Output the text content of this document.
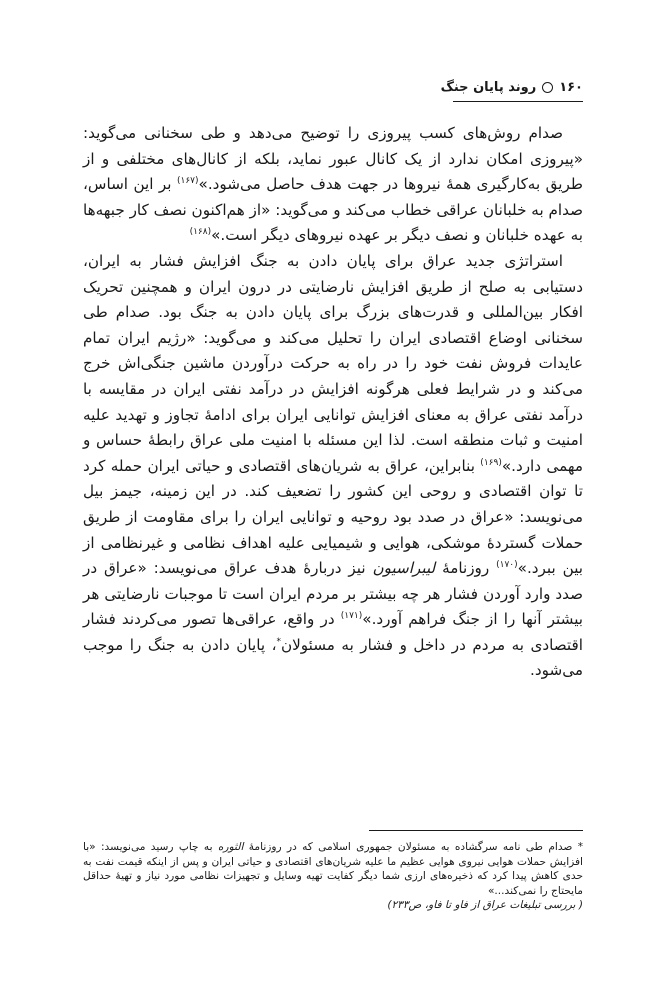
۱۶۰
روند پایان جنگ

صدام روش‌های کسب پیروزی را توضیح می‌دهد و طی سخنانی می‌گوید: «پیروزی امکان ندارد از یک کانال عبور نماید، بلکه از کانال‌های مختلفی و از طریق به‌کارگیری همهٔ نیروها در جهت هدف حاصل می‌شود.»$^{(۱۶۷)}$ بر این اساس، صدام به خلبانان عراقی خطاب می‌کند و می‌گوید: «از هم‌اکنون نصف کار جبهه‌ها به عهده خلبانان و نصف دیگر بر عهده نیروهای دیگر است.»$^{(۱۶۸)}$

استراتژی جدید عراق برای پایان دادن به جنگ افزایش فشار به ایران، دستیابی به صلح از طریق افزایش نارضایتی در درون ایران و همچنین تحریک افکار بین‌المللی و قدرت‌های بزرگ برای پایان دادن به جنگ بود. صدام طی سخنانی اوضاع اقتصادی ایران را تحلیل می‌کند و می‌گوید: «رژیم ایران تمام عایدات فروش نفت خود را در راه به حرکت درآوردن ماشین جنگی‌اش خرج می‌کند و در شرایط فعلی هرگونه افزایش در درآمد نفتی ایران در مقایسه با درآمد نفتی عراق به معنای افزایش توانایی ایران برای ادامهٔ تجاوز و تهدید علیه امنیت و ثبات منطقه است. لذا این مسئله با امنیت ملی عراق رابطهٔ حساس و مهمی دارد.»$^{(۱۶۹)}$ بنابراین، عراق به شریان‌های اقتصادی و حیاتی ایران حمله کرد تا توان اقتصادی و روحی این کشور را تضعیف کند. در این زمینه، جیمز بیل می‌نویسد: «عراق در صدد بود روحیه و توانایی ایران را برای مقاومت از طریق حملات گستردهٔ موشکی، هوایی و شیمیایی علیه اهداف نظامی و غیرنظامی از بین ببرد.»$^{(۱۷۰)}$ روزنامهٔ لیبراسیون نیز دربارهٔ هدف عراق می‌نویسد: «عراق در صدد وارد آوردن فشار هر چه بیشتر بر مردم ایران است تا موجبات نارضایتی هر بیشتر آنها را از جنگ فراهم آورد.»$^{(۱۷۱)}$ در واقع، عراقی‌ها تصور می‌کردند فشار اقتصادی به مردم در داخل و فشار به مسئولان*، پایان دادن به جنگ را موجب می‌شود.

* صدام طی نامه سرگشاده به مسئولان جمهوری اسلامی که در روزنامهٔ الثوره به چاپ رسید می‌نویسد: «با افزایش حملات هوایی نیروی هوایی عظیم ما علیه شریان‌های اقتصادی و حیاتی ایران و پس از اینکه قیمت نفت به حدی کاهش پیدا کرد که ذخیره‌های ارزی شما دیگر کفایت تهیه وسایل و تجهیزات نظامی مورد نیاز و تهیهٔ حداقل مایحتاج را نمی‌کند...»

( بررسی تبلیغات عراق از فاو تا فاو، ص۲۳۳)
